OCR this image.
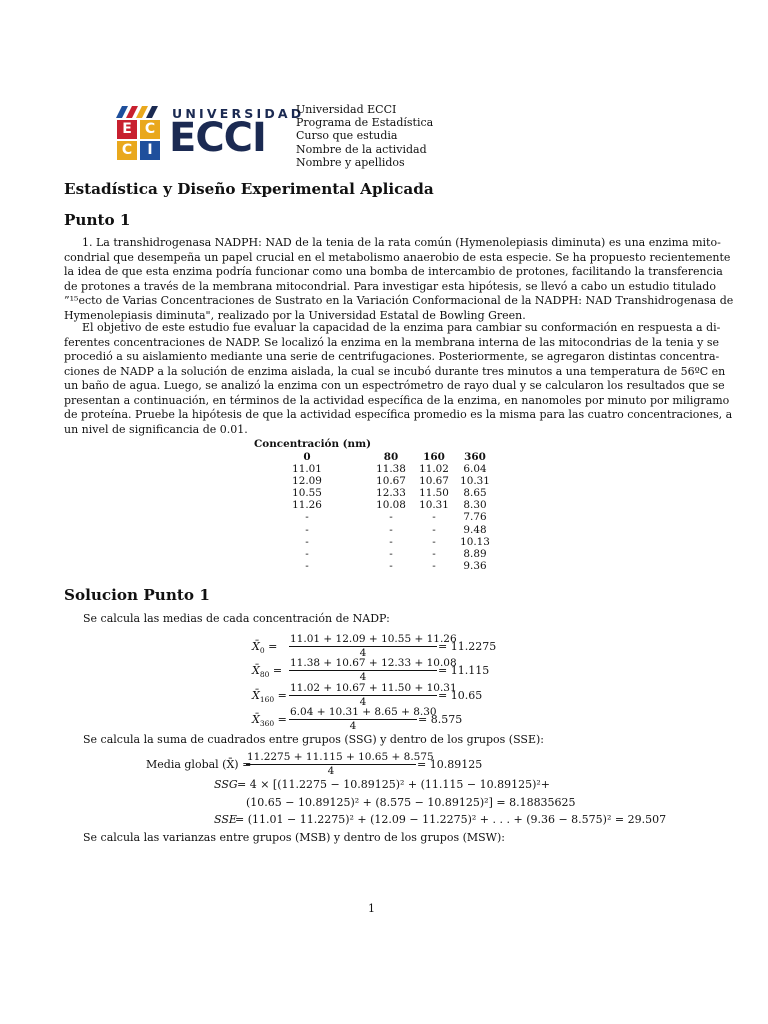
E C
C	I
UNIVERSIDAD
ECCI
Universidad ECCI
Programa de Estadística
Curso que estudia
Nombre de la actividad
Nombre y apellidos
Estadística y Diseño Experimental Aplicada
Punto 1
1. La transhidrogenasa NADPH: NAD de la tenia de la rata común (Hymenolepiasis diminuta) es una enzima mito-
condrial que desempeña un papel crucial en el metabolismo anaerobio de esta especie. Se ha propuesto recientemente
la idea de que esta enzima podría funcionar como una bomba de intercambio de protones, facilitando la transferencia
de protones a través de la membrana mitocondrial. Para investigar esta hipótesis, se llevó a cabo un estudio titulado
”¹⁵ecto de Varias Concentraciones de Sustrato en la Variación Conformacional de la NADPH: NAD Transhidrogenasa de
Hymenolepiasis diminuta", realizado por la Universidad Estatal de Bowling Green.
El objetivo de este estudio fue evaluar la capacidad de la enzima para cambiar su conformación en respuesta a di-
ferentes concentraciones de NADP. Se localizó la enzima en la membrana interna de las mitocondrias de la tenia y se
procedió a su aislamiento mediante una serie de centrifugaciones. Posteriormente, se agregaron distintas concentra-
ciones de NADP a la solución de enzima aislada, la cual se incubó durante tres minutos a una temperatura de 56ºC en
un baño de agua. Luego, se analizó la enzima con un espectrómetro de rayo dual y se calcularon los resultados que se
presentan a continuación, en términos de la actividad específica de la enzima, en nanomoles por minuto por miligramo
de proteína. Pruebe la hipótesis de que la actividad específica promedio es la misma para las cuatro concentraciones, a
un nivel de significancia de 0.01.
Concentración (nm)
0	80	160	360
11.01	11.38	11.02	6.04
12.09	10.67	10.67	10.31
10.55	12.33	11.50	8.65
11.26	10.08	10.31	8.30
-	-	-	7.76
-	-	-	9.48
-	-	-	10.13
-	-	-	8.89
-	-	-	9.36
Solucion Punto 1
Se calcula las medias de cada concentración de NADP:
$X̄_0 = \frac{11.01 + 12.09 + 10.55 + 11.26}{4} = 11.2275$
$X̄_{80} = \frac{11.38 + 10.67 + 12.33 + 10.08}{4} = 11.115$
$X̄_{160} = \frac{11.02 + 10.67 + 11.50 + 10.31}{4} = 10.65$
$X̄_{360} = \frac{6.04 + 10.31 + 8.65 + 8.30}{4} = 8.575$
Se calcula la suma de cuadrados entre grupos (SSG) y dentro de los grupos (SSE):
Media global (X̄) =
$\frac{11.2275 + 11.115 + 10.65 + 8.575}{4} = 10.89125$
SSG = 4 × [(11.2275 − 10.89125)² + (11.115 − 10.89125)²+
(10.65 − 10.89125)² + (8.575 − 10.89125)²] = 8.18835625
SSE
= (11.01 − 11.2275)² + (12.09 − 11.2275)² + . . . + (9.36 − 8.575)² = 29.507
Se calcula las varianzas entre grupos (MSB) y dentro de los grupos (MSW):
1
